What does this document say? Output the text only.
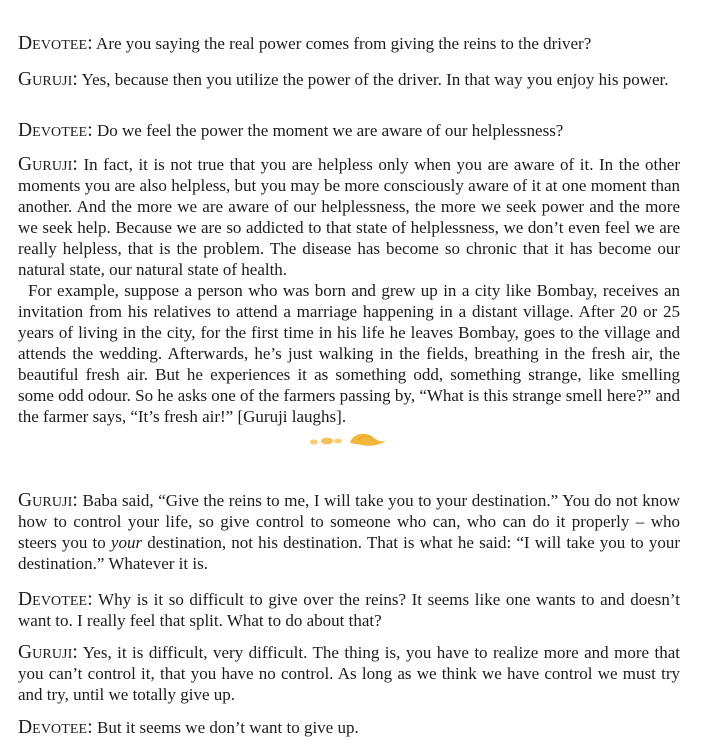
Devotee: Are you saying the real power comes from giving the reins to the driver?

Guruji: Yes, because then you utilize the power of the driver. In that way you enjoy his power.

Devotee: Do we feel the power the moment we are aware of our helplessness?

Guruji: In fact, it is not true that you are helpless only when you are aware of it. In the other moments you are also helpless, but you may be more consciously aware of it at one moment than another. And the more we are aware of our helplessness, the more we seek power and the more we seek help. Because we are so addicted to that state of helplessness, we don’t even feel we are really helpless, that is the problem. The disease has become so chronic that it has become our natural state, our natural state of health.

For example, suppose a person who was born and grew up in a city like Bombay, receives an invitation from his relatives to attend a marriage happening in a distant village. After 20 or 25 years of living in the city, for the first time in his life he leaves Bombay, goes to the village and attends the wedding. Afterwards, he’s just walking in the fields, breathing in the fresh air, the beautiful fresh air. But he experiences it as something odd, something strange, like smelling some odd odour. So he asks one of the farmers passing by, “What is this strange smell here?” and the farmer says, “It’s fresh air!” [Guruji laughs].

Guruji: Baba said, “Give the reins to me, I will take you to your destination.” You do not know how to control your life, so give control to someone who can, who can do it properly – who steers you to your destination, not his destination. That is what he said: “I will take you to your destination.” Whatever it is.

Devotee: Why is it so difficult to give over the reins? It seems like one wants to and doesn’t want to. I really feel that split. What to do about that?

Guruji: Yes, it is difficult, very difficult. The thing is, you have to realize more and more that you can’t control it, that you have no control. As long as we think we have control we must try and try, until we totally give up.

Devotee: But it seems we don’t want to give up.
